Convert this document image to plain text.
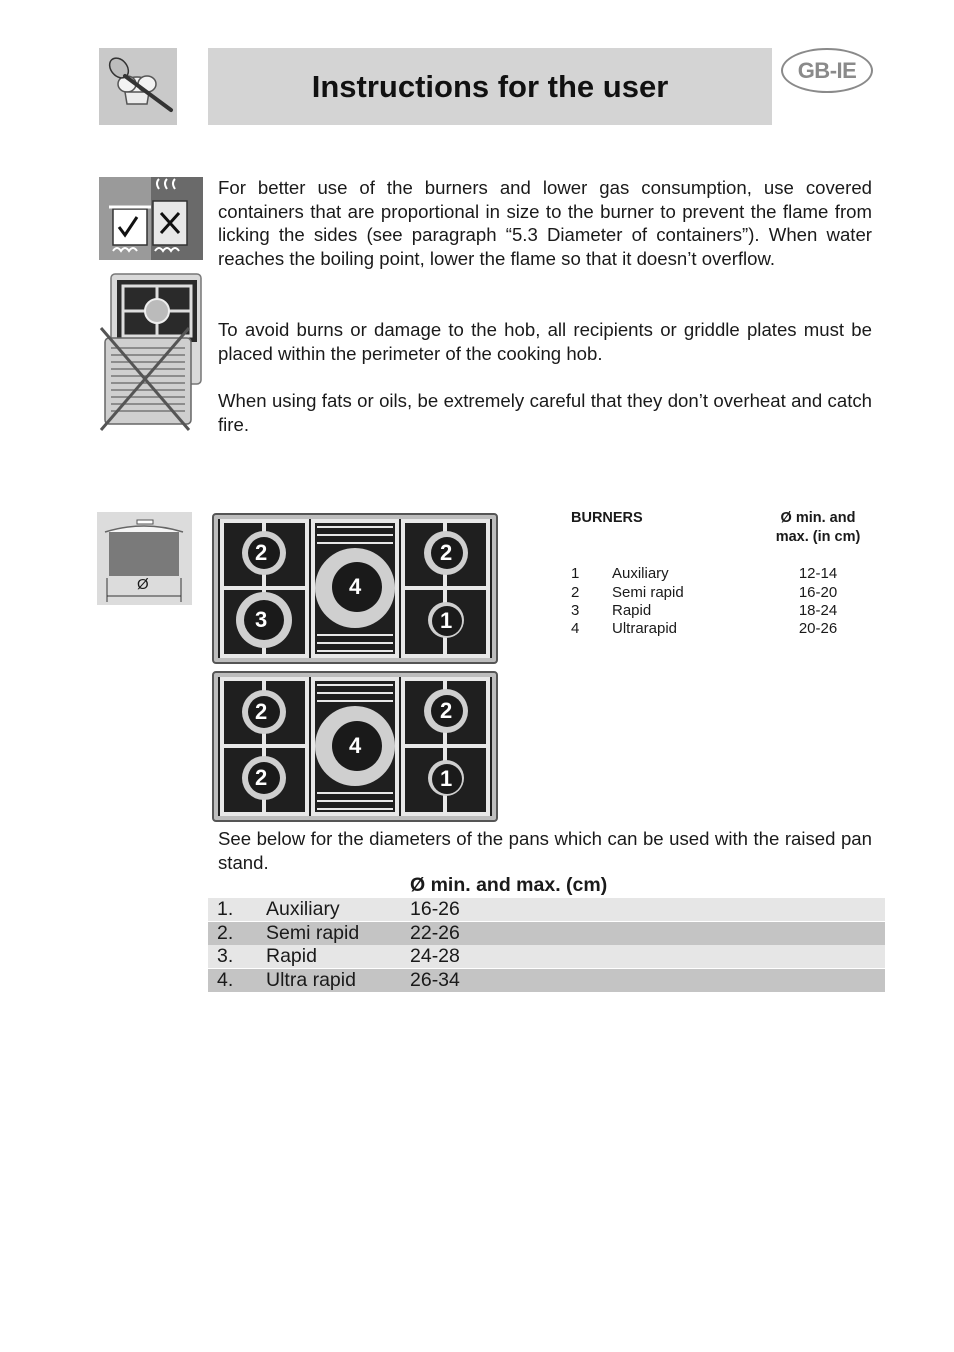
Instructions for the user	GB-IE

For better use of the burners and lower gas consumption, use covered containers that are proportional in size to the burner to prevent the flame from licking the sides (see paragraph “5.3 Diameter of containers”). When water reaches the boiling point, lower the flame so that it doesn’t overflow.

To avoid burns or damage to the hob, all recipients or griddle plates must be placed within the perimeter of the cooking hob.

When using fats or oils, be extremely careful that they don’t overheat and catch fire.

Ø
2
3
4
2
1
2
2
4
2
1
BURNERS	Ø min. and
max. (in cm)
1 Auxiliary	12-14
2 Semi rapid	16-20
3 Rapid	18-24
4 Ultrarapid	20-26

See below for the diameters of the pans which can be used with the raised pan stand.

Ø min. and max. (cm)
1. Auxiliary	16-26
2. Semi rapid	22-26
3. Rapid	24-28
4. Ultra rapid	26-34
